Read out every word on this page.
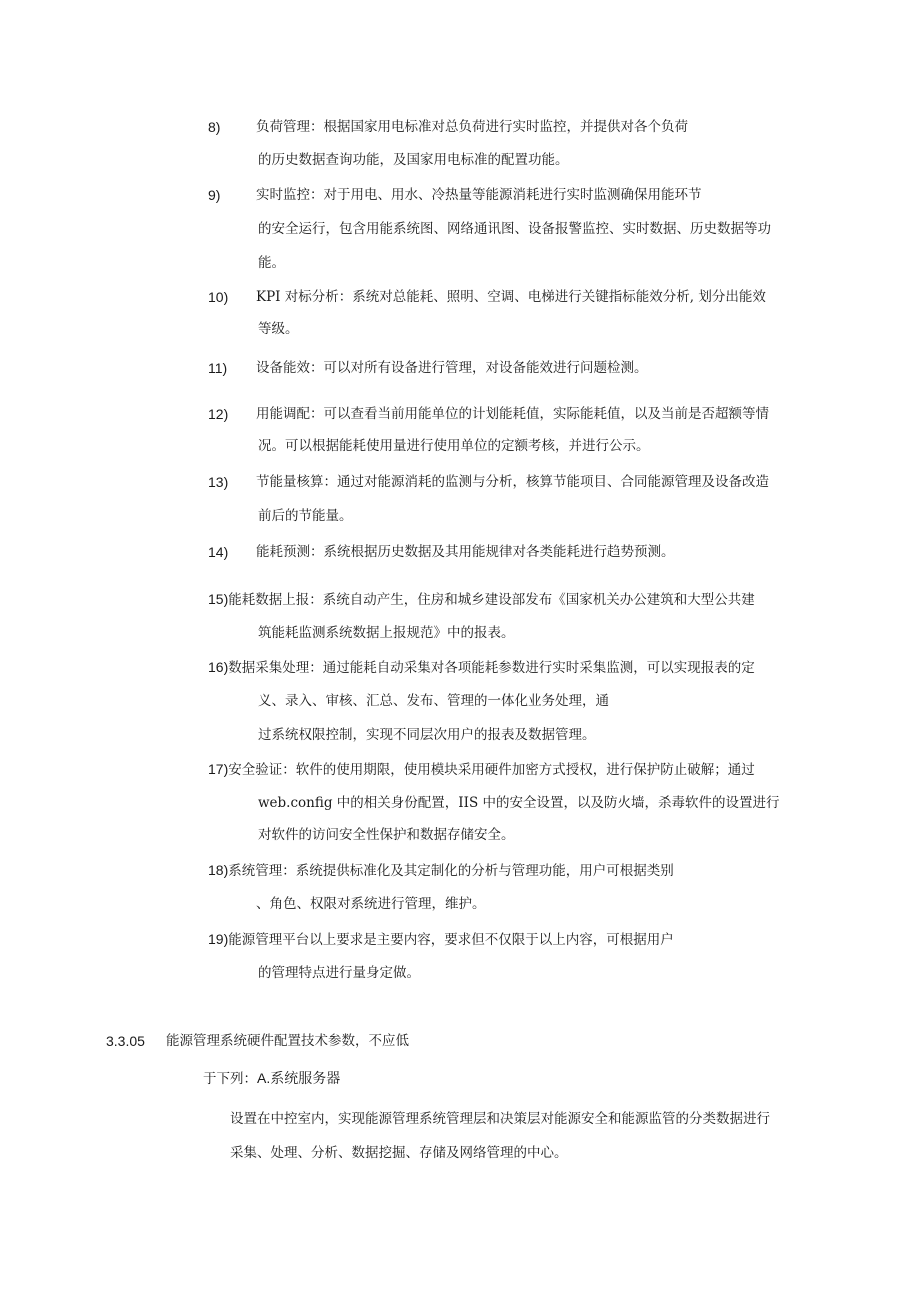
8)	负荷管理：根据国家用电标准对总负荷进行实时监控，并提供对各个负荷
的历史数据查询功能，及国家用电标准的配置功能。
9)	实时监控：对于用电、用水、冷热量等能源消耗进行实时监测确保用能环节
的安全运行，包含用能系统图、网络通讯图、设备报警监控、实时数据、历史数据等功
能。
10) KPI 对标分析：系统对总能耗、照明、空调、电梯进行关键指标能效分析, 划分出能效
等级。
11) 设备能效：可以对所有设备进行管理，对设备能效进行问题检测。
12) 用能调配：可以查看当前用能单位的计划能耗值，实际能耗值，以及当前是否超额等情
况。可以根据能耗使用量进行使用单位的定额考核，并进行公示。
13) 节能量核算：通过对能源消耗的监测与分析，核算节能项目、合同能源管理及设备改造
前后的节能量。
14) 能耗预测：系统根据历史数据及其用能规律对各类能耗进行趋势预测。
15)能耗数据上报：系统自动产生，住房和城乡建设部发布《国家机关办公建筑和大型公共建
筑能耗监测系统数据上报规范》中的报表。
16)数据采集处理：通过能耗自动采集对各项能耗参数进行实时采集监测，可以实现报表的定
义、录入、审核、汇总、发布、管理的一体化业务处理，通
过系统权限控制，实现不同层次用户的报表及数据管理。
17)安全验证：软件的使用期限，使用模块采用硬件加密方式授权，进行保护防止破解；通过
web.config 中的相关身份配置，IIS 中的安全设置，以及防火墙，杀毒软件的设置进行
对软件的访问安全性保护和数据存储安全。
18)系统管理：系统提供标准化及其定制化的分析与管理功能，用户可根据类别
、角色、权限对系统进行管理，维护。
19)能源管理平台以上要求是主要内容，要求但不仅限于以上内容，可根据用户
的管理特点进行量身定做。
3.3.05 能源管理系统硬件配置技术参数，不应低
于下列：A.系统服务器
设置在中控室内，实现能源管理系统管理层和决策层对能源安全和能源监管的分类数据进行
采集、处理、分析、数据挖掘、存储及网络管理的中心。
